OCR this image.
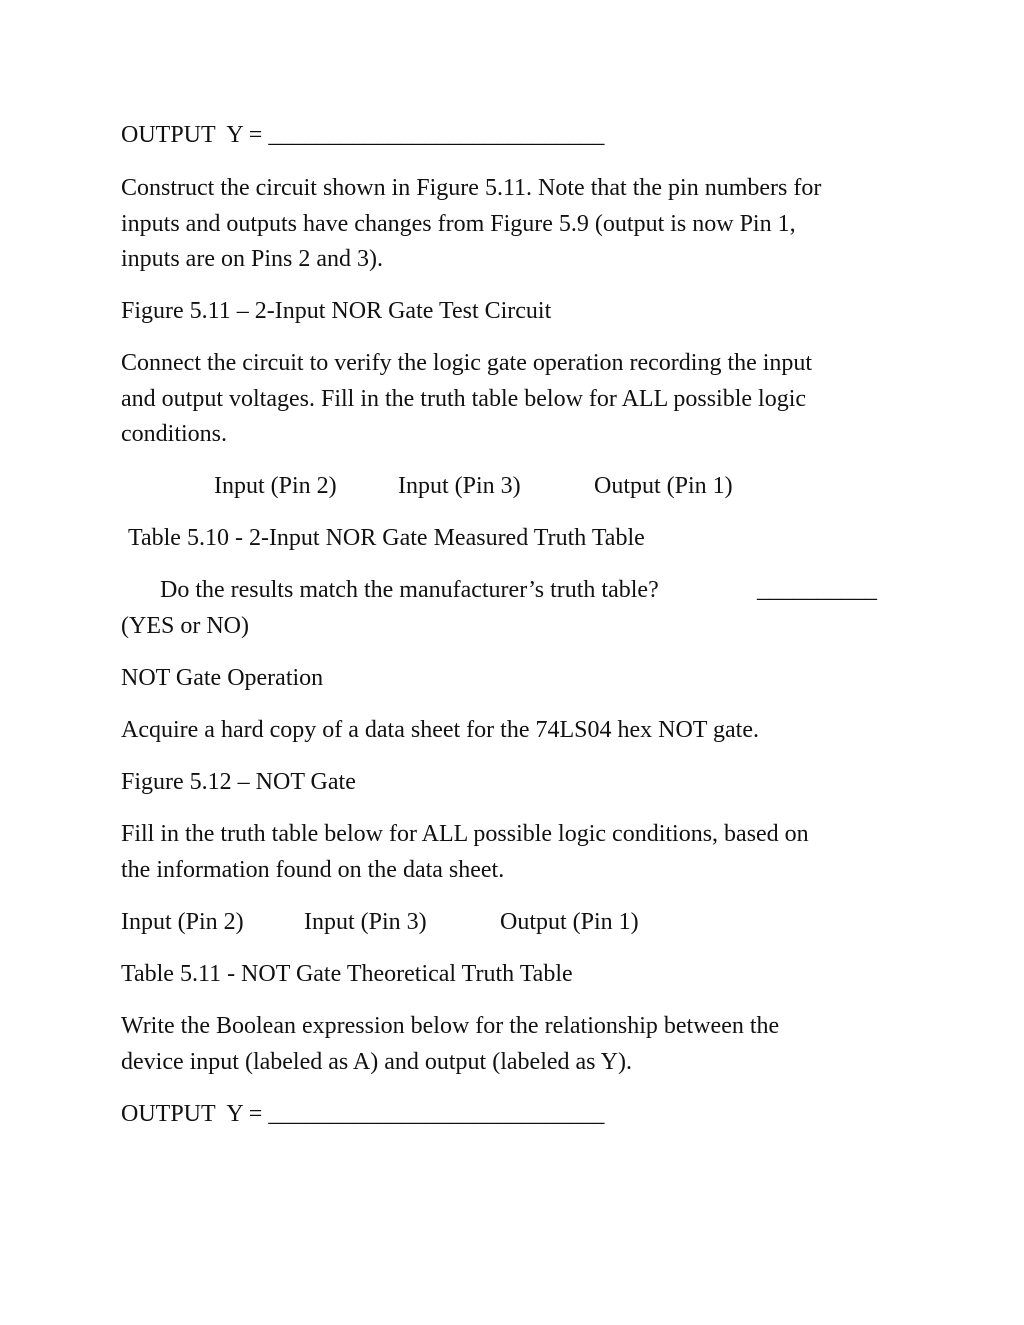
OUTPUT  Y = ____________________________
Construct the circuit shown in Figure 5.11. Note that the pin numbers for
inputs and outputs have changes from Figure 5.9 (output is now Pin 1,
inputs are on Pins 2 and 3).
Figure 5.11 – 2-Input NOR Gate Test Circuit
Connect the circuit to verify the logic gate operation recording the input
and output voltages. Fill in the truth table below for ALL possible logic
conditions.
Input (Pin 2)	Input (Pin 3)	Output (Pin 1)
Table 5.10 - 2-Input NOR Gate Measured Truth Table
Do the results match the manufacturer’s truth table?	__________
(YES or NO)
NOT Gate Operation
Acquire a hard copy of a data sheet for the 74LS04 hex NOT gate.
Figure 5.12 – NOT Gate
Fill in the truth table below for ALL possible logic conditions, based on
the information found on the data sheet.
Input (Pin 2)	Input (Pin 3)	Output (Pin 1)
Table 5.11 - NOT Gate Theoretical Truth Table
Write the Boolean expression below for the relationship between the
device input (labeled as A) and output (labeled as Y).
OUTPUT  Y = ____________________________
